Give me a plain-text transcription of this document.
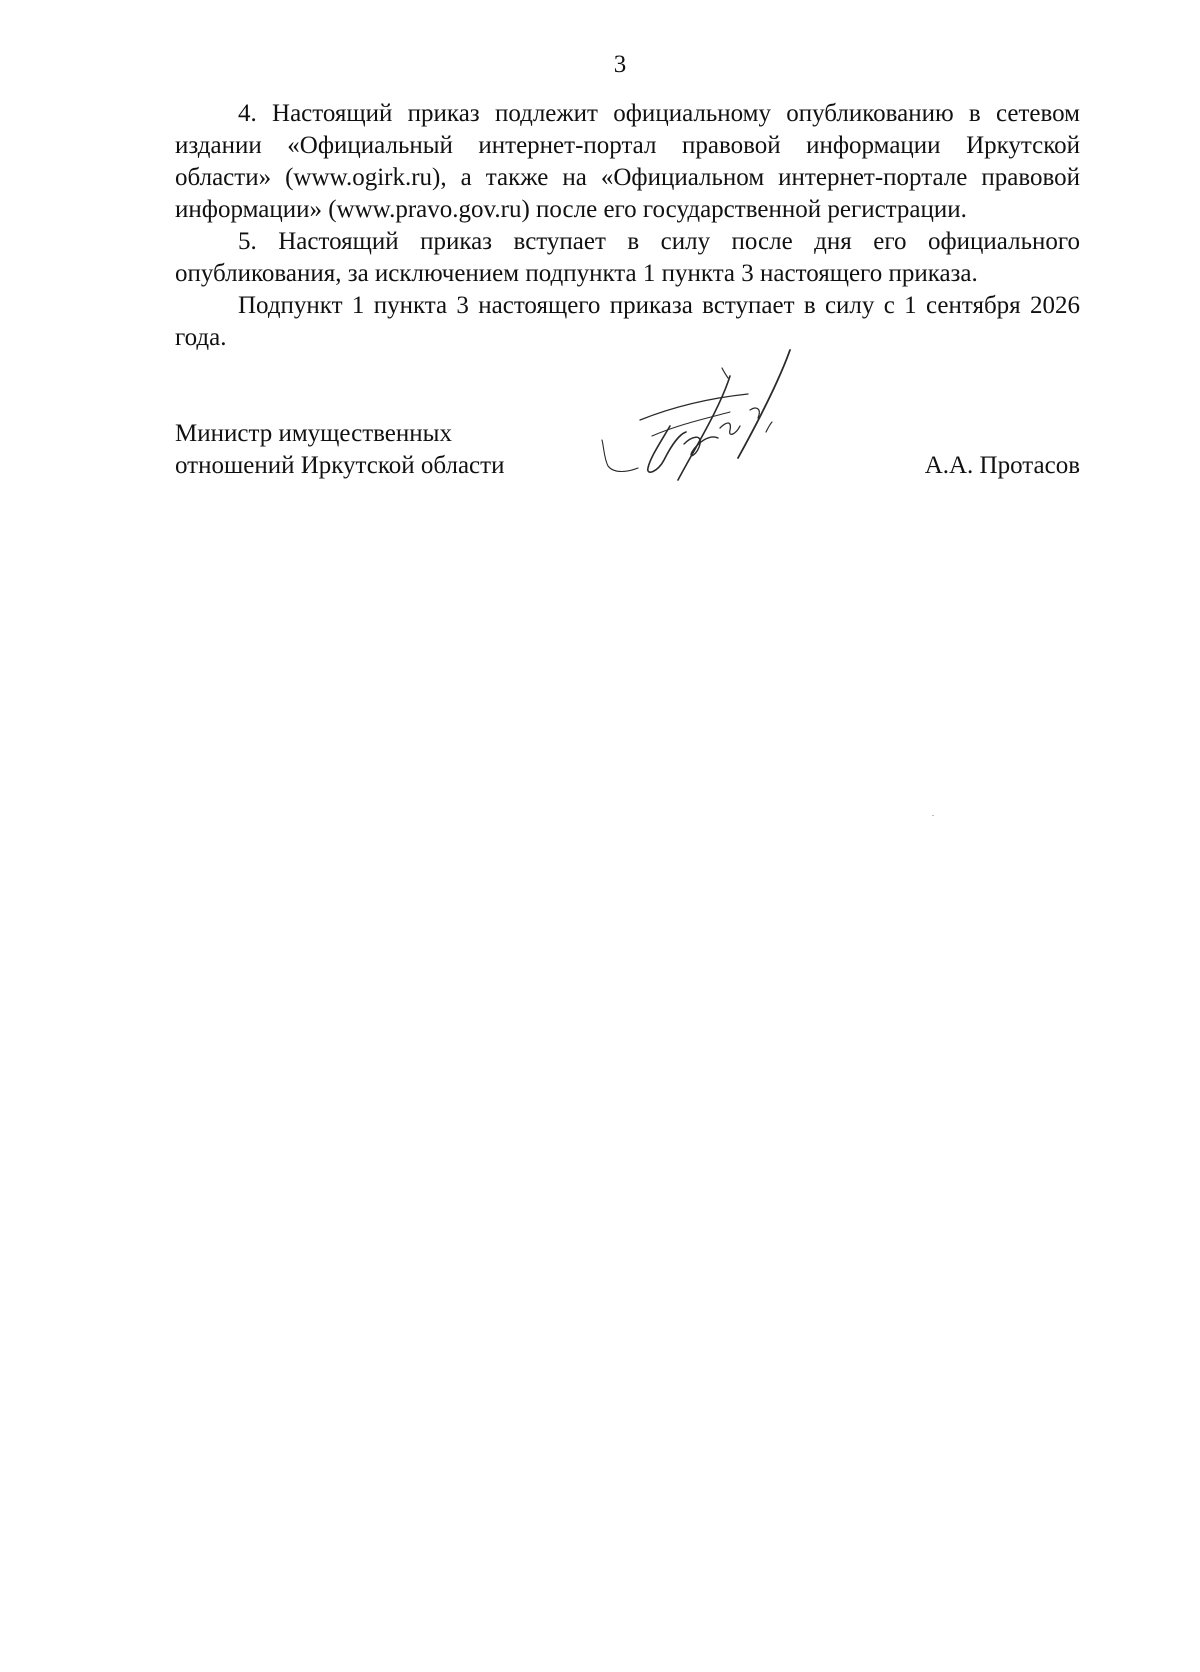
3

4. Настоящий приказ подлежит официальному опубликованию в сетевом издании «Официальный интернет-портал правовой информации Иркутской области» (www.ogirk.ru), а также на «Официальном интернет-портале правовой информации» (www.pravo.gov.ru) после его государственной регистрации.

5. Настоящий приказ вступает в силу после дня его официального опубликования, за исключением подпункта 1 пункта 3 настоящего приказа.

Подпункт 1 пункта 3 настоящего приказа вступает в силу с 1 сентября 2026 года.

Министр имущественных
отношений Иркутской области	А.А. Протасов
